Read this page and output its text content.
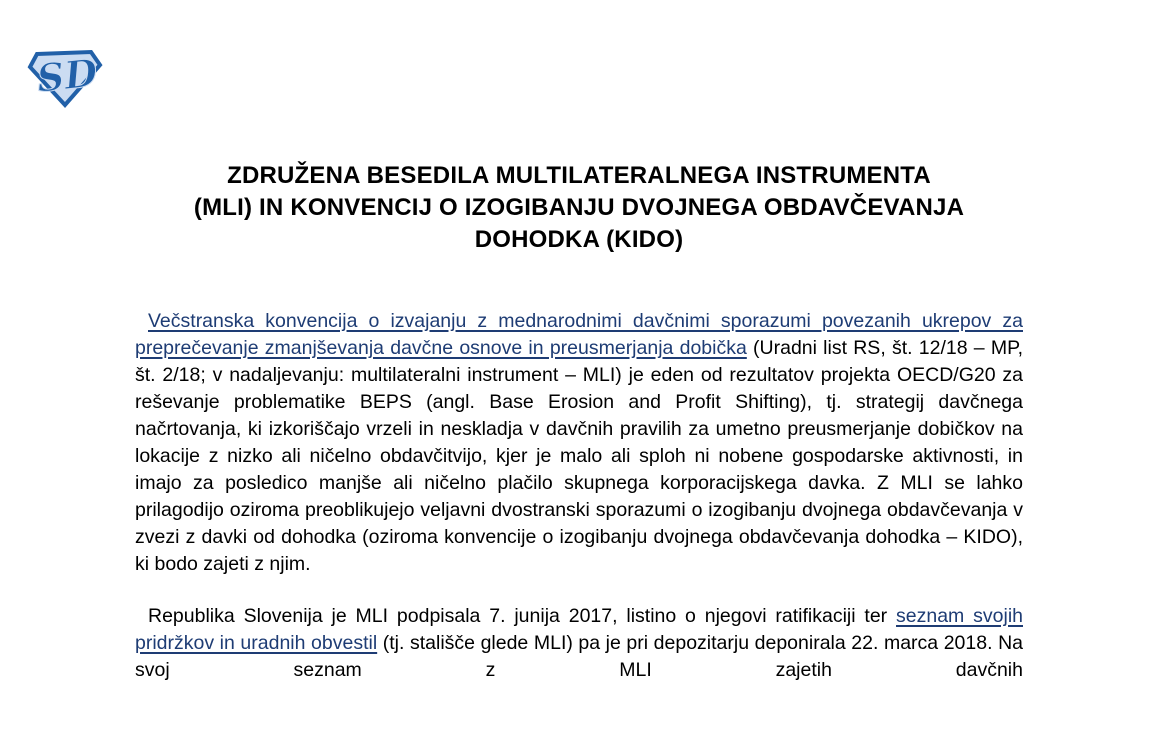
SD
ZDRUŽENA BESEDILA MULTILATERALNEGA INSTRUMENTA
(MLI) IN KONVENCIJ O IZOGIBANJU DVOJNEGA OBDAVČEVANJA
DOHODKA (KIDO)

Večstranska konvencija o izvajanju z mednarodnimi davčnimi sporazumi povezanih ukrepov za preprečevanje zmanjševanja davčne osnove in preusmerjanja dobička (Uradni list RS, št. 12/18 – MP, št. 2/18; v nadaljevanju: multilateralni instrument – MLI) je eden od rezultatov projekta OECD/G20 za reševanje problematike BEPS (angl. Base Erosion and Profit Shifting), tj. strategij davčnega načrtovanja, ki izkoriščajo vrzeli in neskladja v davčnih pravilih za umetno preusmerjanje dobičkov na lokacije z nizko ali ničelno obdavčitvijo, kjer je malo ali sploh ni nobene gospodarske aktivnosti, in imajo za posledico manjše ali ničelno plačilo skupnega korporacijskega davka. Z MLI se lahko prilagodijo oziroma preoblikujejo veljavni dvostranski sporazumi o izogibanju dvojnega obdavčevanja v zvezi z davki od dohodka (oziroma konvencije o izogibanju dvojnega obdavčevanja dohodka – KIDO), ki bodo zajeti z njim.

Republika Slovenija je MLI podpisala 7. junija 2017, listino o njegovi ratifikaciji ter seznam svojih pridržkov in uradnih obvestil (tj. stališče glede MLI) pa je pri depozitarju deponirala 22. marca 2018. Na svoj seznam z MLI zajetih davčnih
